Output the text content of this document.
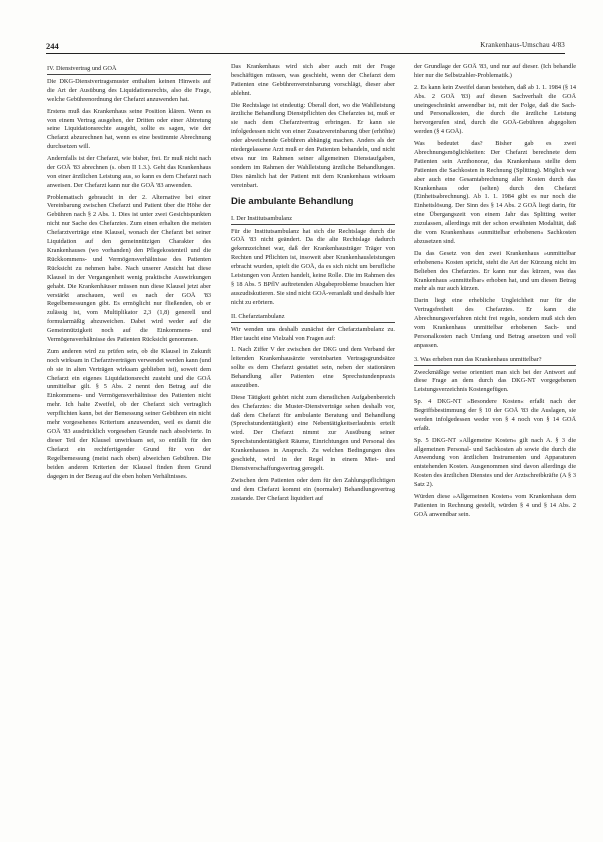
244	Krankenhaus-Umschau 4/83
IV. Dienstvertrag und GOÄ

Die DKG-Dienstvertragsmuster enthalten keinen Hinweis auf die Art der Ausübung des Liquidationsrechts, also die Frage, welche Gebührenordnung der Chefarzt anzuwenden hat.

Erstens muß das Krankenhaus seine Position klären. Wenn es von einem Vertrag ausgehen, der Dritten oder einer Abtretung seine Liquidationsrechte ausgeht, sollte es sagen, wie der Chefarzt abzurechnen hat, wenn es eine bestimmte Abrechnung durchsetzen will.

Andernfalls ist der Chefarzt, wie bisher, frei. Er muß nicht nach der GOÄ '83 abrechnen (s. oben II 1.3.). Geht das Krankenhaus von einer ärztlichen Leistung aus, so kann es dem Chefarzt nach anweisen. Der Chefarzt kann nur die GOÄ '83 anwenden.

Problematisch gebraucht in der 2. Alternative bei einer Vereinbarung zwischen Chefarzt und Patient über die Höhe der Gebühren nach § 2 Abs. 1. Dies ist unter zwei Gesichtspunkten nicht nur Sache des Chefarztes. Zum einen erhalten die meisten Chefarztverträge eine Klausel, wonach der Chefarzt bei seiner Liquidation auf den gemeinnützigen Charakter des Krankenhauses (wo vorhanden) den Pflegekostenteil und die Rückkommens- und Vermögensverhältnisse des Patienten Rücksicht zu nehmen habe. Nach unserer Ansicht hat diese Klausel in der Vergangenheit wenig praktische Auswirkungen gehabt. Die Krankenhäuser müssen nun diese Klausel jetzt aber verstärkt anschauen, weil es nach der GOÄ '83 Regelbemessungen gibt. Es ermöglicht nur fließenden, ob er zulässig ist, vom Multiplikator 2,3 (1,8) generell und formularmäßig abzuweichen. Dabei wird weder auf die Gemeinnützigkeit noch auf die Einkommens- und Vermögensverhältnisse des Patienten Rücksicht genommen.

Zum anderen wird zu prüfen sein, ob die Klausel in Zukunft noch wirksam in Chefarztverträgen verwendet werden kann (und ob sie in alten Verträgen wirksam geblieben ist), soweit dem Chefarzt ein eigenes Liquidationsrecht zusteht und die GOÄ unmittelbar gilt. § 5 Abs. 2 nennt den Betrag auf die Einkommens- und Vermögensverhältnisse des Patienten nicht mehr. Ich halte Zweifel, ob der Chefarzt sich vertraglich verpflichten kann, bei der Bemessung seiner Gebühren ein nicht mehr vorgesehenes Kriterium anzuwenden, weil es damit die GOÄ '83 ausdrücklich vorgesehen Grunde nach absolvierte. In dieser Teil der Klausel unwirksam sei, so entfällt für den Chefarzt ein rechtfertigender Grund für von der Regelbemessung (meist nach oben) abweichen Gebühren. Die beiden anderen Kriterien der Klausel finden ihren Grund dagegen in der Bezug auf die eben hohen Verhältnisses.

Das Krankenhaus wird sich aber auch mit der Frage beschäftigen müssen, was geschieht, wenn der Chefarzt dem Patienten eine Gebührenvereinbarung vorschlägt, dieser aber ablehnt.

Die Rechtslage ist eindeutig: Überall dort, wo die Wahlleistung ärztliche Behandlung Dienstpflichten des Chefarztes ist, muß er sie nach dem Chefarztvertrag erbringen. Er kann sie infolgedessen nicht von einer Zusatzvereinbarung über (erhöhte) oder abweichende Gebühren abhängig machen. Anders als der niedergelassene Arzt muß er den Patienten behandeln, und nicht etwa nur im Rahmen seiner allgemeinen Dienstaufgaben, sondern im Rahmen der Wahlleistung ärztliche Behandlungen. Dies nämlich hat der Patient mit dem Krankenhaus wirksam vereinbart.

Die ambulante Behandlung
I. Der Institutsambulanz

Für die Institutsambulanz hat sich die Rechtslage durch die GOÄ '83 nicht geändert. Da die alte Rechtslage dadurch gekennzeichnet war, daß der Krankenhausträger Träger von Rechten und Pflichten ist, insoweit aber Krankenhausleistungen erbracht wurden, spielt die GOÄ, da es sich nicht um berufliche Leistungen von Ärzten handelt, keine Rolle. Die im Rahmen des § 18 Abs. 5 BPflV auftretenden Abgabeprobleme brauchen hier auszudiskutieren. Sie sind nicht GOÄ-veranlaßt und deshalb hier nicht zu erörtern.

II. Chefarztambulanz

Wir wenden uns deshalb zunächst der Chefarztambulanz zu. Hier taucht eine Vielzahl von Fragen auf:

1. Nach Ziffer V der zwischen der DKG und dem Verband der leitenden Krankenhausärzte vereinbarten Vertragsgrundsätze sollte es dem Chefarzt gestattet sein, neben der stationären Behandlung aller Patienten eine Sprechstundenpraxis auszuüben.

Diese Tätigkeit gehört nicht zum dienstlichen Aufgabenbereich des Chefarztes: die Muster-Dienstverträge sehen deshalb vor, daß dem Chefarzt für ambulante Beratung und Behandlung (Sprechstundentätigkeit) eine Nebentätigkeitserlaubnis erteilt wird. Der Chefarzt nimmt zur Ausübung seiner Sprechstundentätigkeit Räume, Einrichtungen und Personal des Krankenhauses in Anspruch. Zu welchen Bedingungen dies geschieht, wird in der Regel in einem Miet- und Dienstverschaffungsvertrag geregelt.

Zwischen dem Patienten oder dem für den Zahlungspflichtigen und dem Chefarzt kommt ein (normaler) Behandlungsvertrag zustande. Der Chefarzt liquidiert auf

der Grundlage der GOÄ '83, und nur auf dieser. (Ich behandle hier nur die Selbstzahler-Problematik.)

2. Es kann kein Zweifel daran bestehen, daß ab 1. 1. 1984 (§ 14 Abs. 2 GOÄ '83) auf diesen Sachverhalt die GOÄ uneingeschränkt anwendbar ist, mit der Folge, daß die Sach- und Personalkosten, die durch die ärztliche Leistung hervorgerufen sind, durch die GOÄ-Gebühren abgegolten werden (§ 4 GOÄ).

Was bedeutet das? Bisher gab es zwei Abrechnungsmöglichkeiten: Der Chefarzt berechnete dem Patienten sein Arzthonorar, das Krankenhaus stellte dem Patienten die Sachkosten in Rechnung (Splitting). Möglich war aber auch eine Gesamtabrechnung aller Kosten durch das Krankenhaus oder (selten) durch den Chefarzt (Einheitsabrechnung). Ab 1. 1. 1984 gibt es nur noch die Einheitslösung. Der Sinn des § 14 Abs. 2 GOÄ liegt darin, für eine Übergangszeit von einem Jahr das Splitting weiter zuzulassen, allerdings mit der schon erwähnten Modalität, daß die vom Krankenhaus »unmittelbar erhobenen« Sachkosten abzusetzen sind.

Da das Gesetz von den zwei Krankenhaus »unmittelbar erhobenen« Kosten spricht, steht die Art der Kürzung nicht im Belieben des Chefarztes. Er kann nur das kürzen, was das Krankenhaus »unmittelbar« erhoben hat, und um diesen Betrag mehr als nur auch kürzen.

Darin liegt eine erhebliche Ungleichheit nur für die Vertragsfreiheit des Chefarztes. Er kann die Abrechnungsverfahren nicht frei regeln, sondern muß sich den vom Krankenhaus unmittelbar erhobenen Sach- und Personalkosten nach Umfang und Betrag ansetzen und voll anpassen.

3. Was erheben nun das Krankenhaus unmittelbar?

Zweckmäßige weise orientiert man sich bei der Antwort auf diese Frage an dem durch das DKG-NT vorgegebenen Leistungsverzeichnis Kostengefügen.

Sp. 4 DKG-NT »Besondere Kosten« erfaßt nach der Begriffsbestimmung der § 10 der GOÄ '83 die Auslagen, sie werden infolgedessen weder von § 4 noch von § 14 GOÄ erfaßt.

Sp. 5 DKG-NT »Allgemeine Kosten« gilt nach A. § 3 die allgemeinen Personal- und Sachkosten ab sowie die durch die Anwendung von ärztlichen Instrumenten und Apparaturen entstehenden Kosten. Ausgenommen sind davon allerdings die Kosten des ärztlichen Dienstes und der Arztschreibkräfte (A § 3 Satz 2).

Würden diese »Allgemeinen Kosten« vom Krankenhaus dem Patienten in Rechnung gestellt, würden § 4 und § 14 Abs. 2 GOÄ anwendbar sein.
